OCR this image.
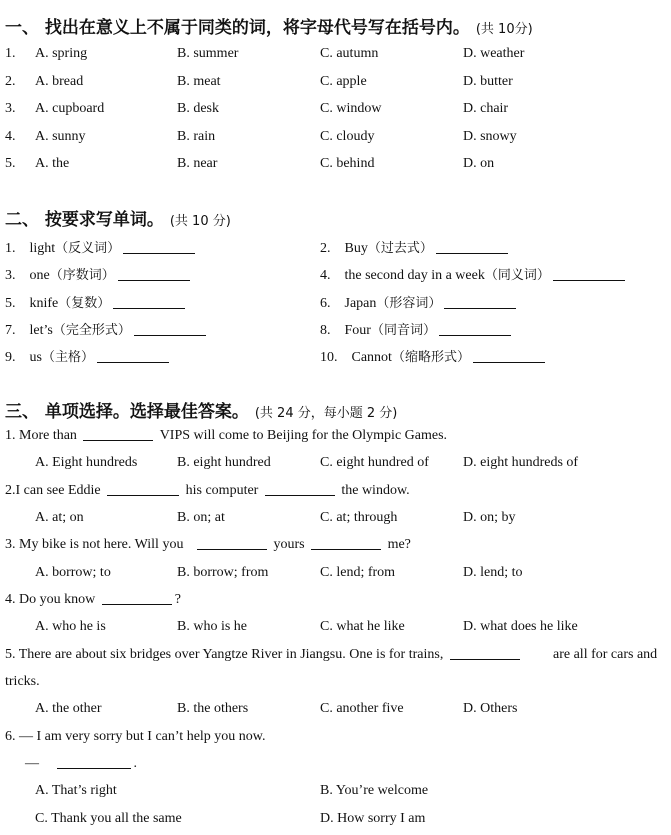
一、 找出在意义上不属于同类的词，将字母代号写在括号内。 (共 10分)
1. A. spring	B. summer	C. autumn	D. weather
2. A. bread	B. meat	C. apple	D. butter
3. A. cupboard	B. desk	C. window	D. chair
4. A. sunny	B. rain	C. cloudy	D. snowy
5. A. the	B. near	C. behind	D. on
二、 按要求写单词。 (共 10 分)
1. light（反义词）	2. Buy（过去式）
3. one（序数词）	4. the second day in a week（同义词）
5. knife（复数）	6. Japan（形容词）
7. let’s（完全形式）	8. Four（同音词）
9. us（主格）	10. Cannot（缩略形式）
三、 单项选择。选择最佳答案。 (共 24 分，每小题 2 分)
1. More than	VIPS will come to Beijing for the Olympic Games.
A. Eight hundreds	B. eight hundred	C. eight hundred of D. eight hundreds of
2.I can see Eddie	his computer	the window.
A. at; on	B. on; at	C. at; through	D. on; by
3. My bike is not here. Will you	yours	me?
A. borrow; to	B. borrow; from	C. lend; from	D. lend; to
4. Do you know	?
A. who he is	B. who is he	C. what he like	D. what does he like
5. There are about six bridges over Yangtze River in Jiangsu. One is for trains,	are all for cars and
tricks.
A. the other	B. the others	C. another five	D. Others
6. — I am very sorry but I can’t help you now.
—	.
A. That’s right	B. You’re welcome
C. Thank you all the same	D. How sorry I am
